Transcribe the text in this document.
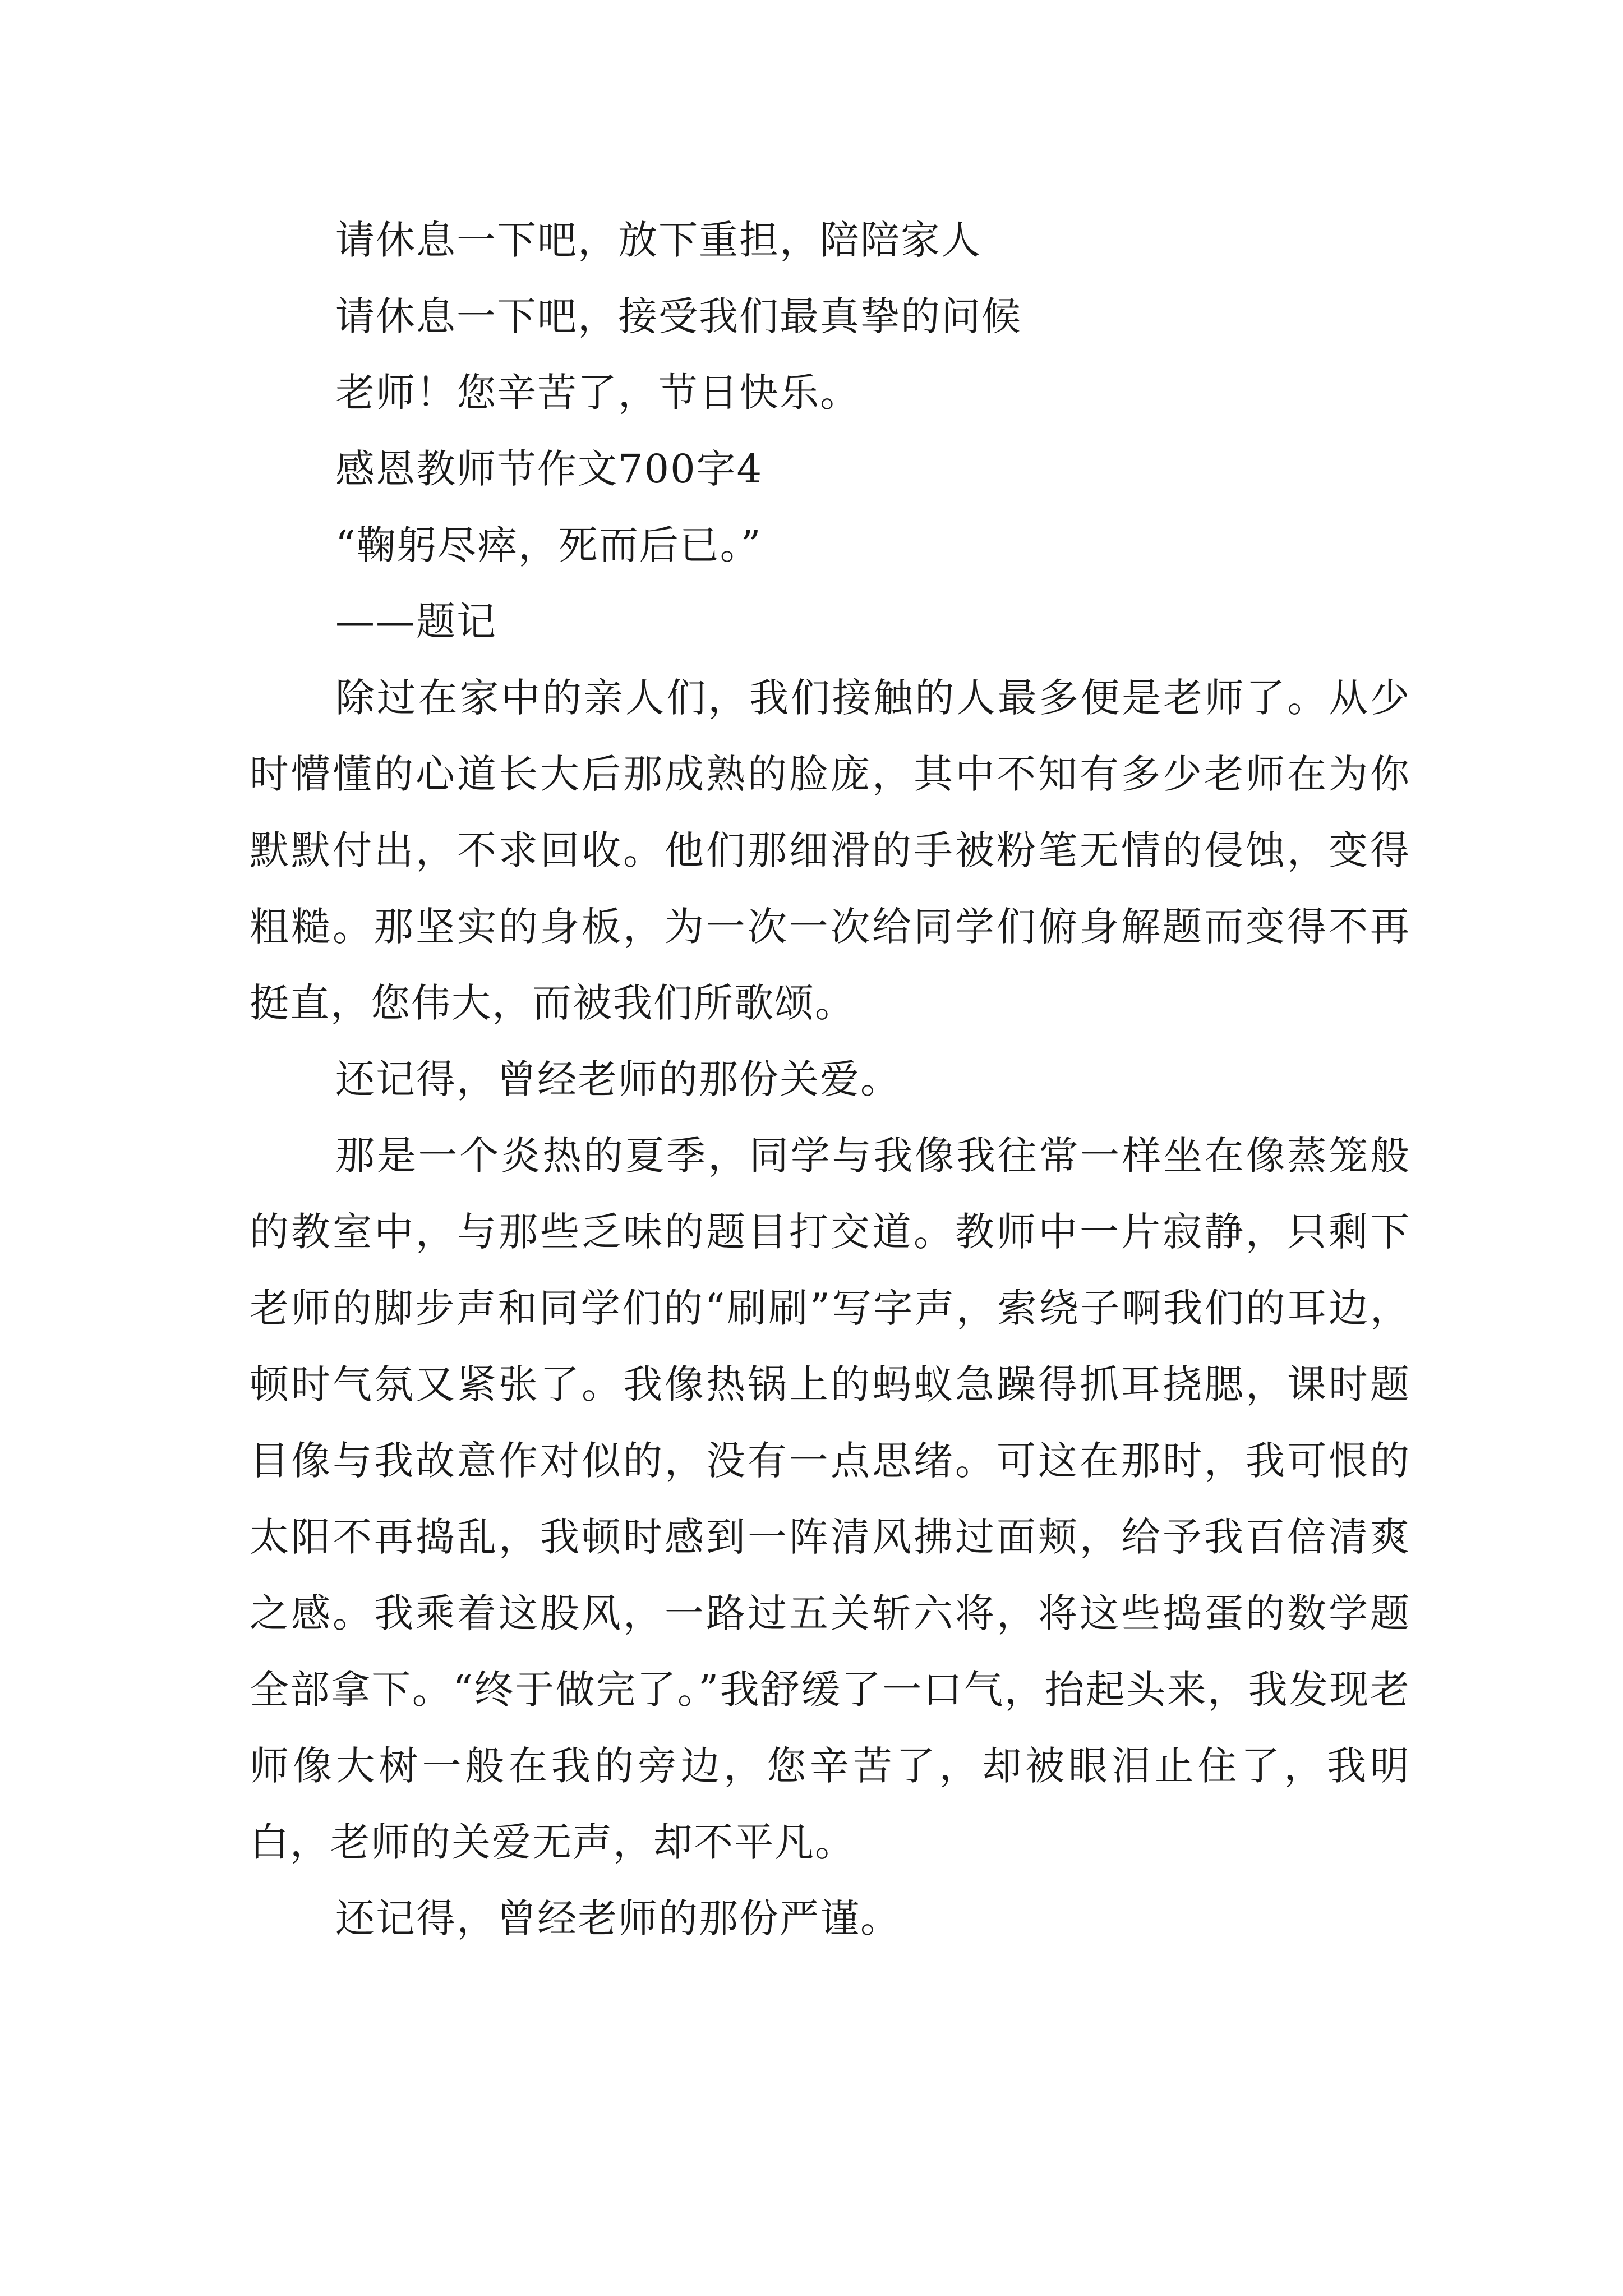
请休息一下吧，放下重担，陪陪家人
请休息一下吧，接受我们最真挚的问候
老师！您辛苦了，节日快乐。
感恩教师节作文700字4
“鞠躬尽瘁，死而后已。”
——题记

除过在家中的亲人们，我们接触的人最多便是老师了。从少时懵懂的心道长大后那成熟的脸庞，其中不知有多少老师在为你默默付出，不求回收。他们那细滑的手被粉笔无情的侵蚀，变得粗糙。那坚实的身板，为一次一次给同学们俯身解题而变得不再挺直，您伟大，而被我们所歌颂。

还记得，曾经老师的那份关爱。

那是一个炎热的夏季，同学与我像我往常一样坐在像蒸笼般的教室中，与那些乏味的题目打交道。教师中一片寂静，只剩下老师的脚步声和同学们的“刷刷”写字声，索绕子啊我们的耳边，顿时气氛又紧张了。我像热锅上的蚂蚁急躁得抓耳挠腮，课时题目像与我故意作对似的，没有一点思绪。可这在那时，我可恨的太阳不再捣乱，我顿时感到一阵清风拂过面颊，给予我百倍清爽之感。我乘着这股风，一路过五关斩六将，将这些捣蛋的数学题全部拿下。“终于做完了。”我舒缓了一口气，抬起头来，我发现老师像大树一般在我的旁边，您辛苦了，却被眼泪止住了，我明白，老师的关爱无声，却不平凡。

还记得，曾经老师的那份严谨。
